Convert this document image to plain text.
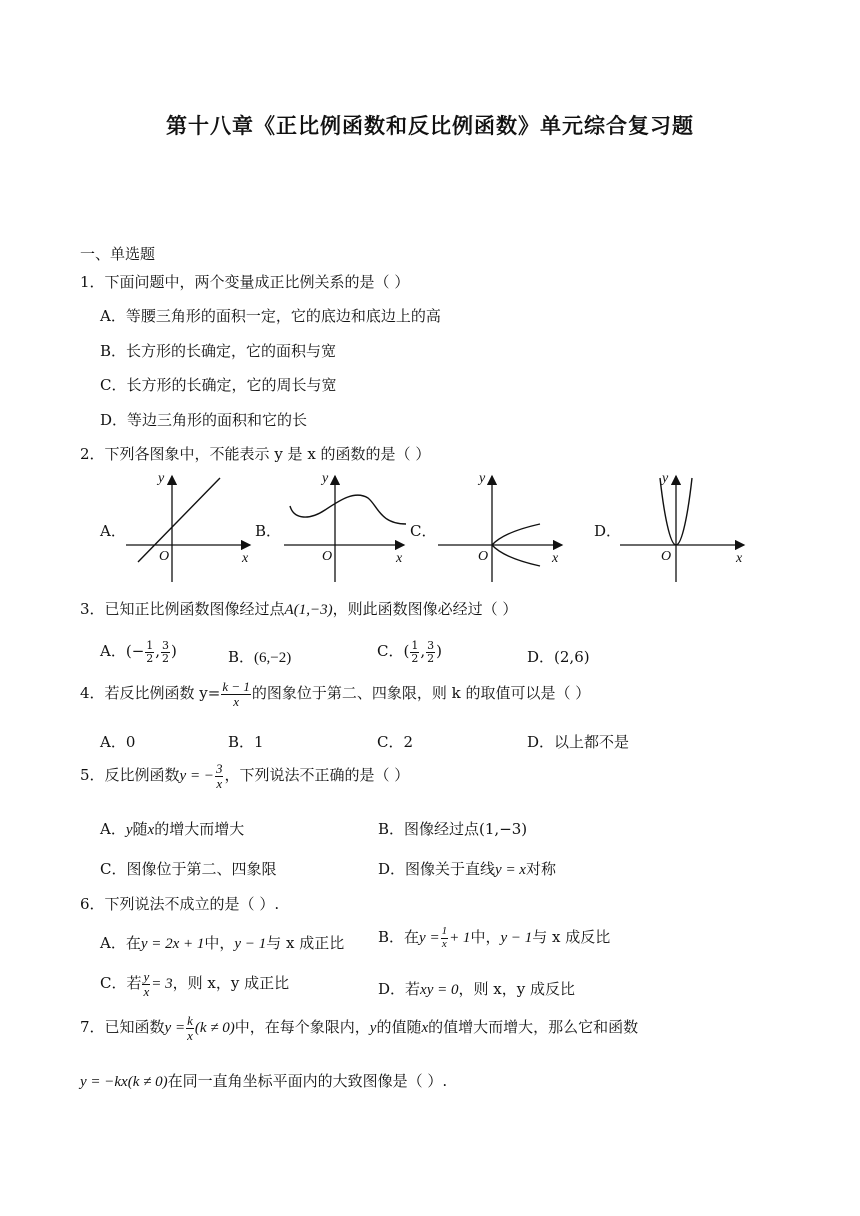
第十八章《正比例函数和反比例函数》单元综合复习题
一、单选题
1．下面问题中，两个变量成正比例关系的是（ ）
A．等腰三角形的面积一定，它的底边和底边上的高
B．长方形的长确定，它的面积与宽
C．长方形的长确定，它的周长与宽
D．等边三角形的面积和它的长
2．下列各图象中，不能表示 y 是 x 的函数的是（ ）
A．
y
x
O
B．
y
x
O
C．
y
x
O
D．
y
x
O
3．已知正比例函数图像经过点A(1,−3)，则此函数图像必经过（ ）
A．(− $\frac{1}{2}$ , $\frac{3}{2}$ )	B．(6,−2)	C．( $\frac{1}{2}$ , $\frac{3}{2}$ )	D．(2,6)
4．若反比例函数 $y= \frac{k - 1}{x}$ 的图象位于第二、四象限，则 k 的取值可以是（ ）
A．0	B．1	C．2	D．以上都不是
5．反比例函数y = − $\frac{3}{x}$ ，下列说法不正确的是（ ）
A．y随x的增大而增大	B．图像经过点(1,−3)
C．图像位于第二、四象限	D．图像关于直线y = x对称
6．下列说法不成立的是（ ）.
A．在y = 2x + 1中，y − 1与 x 成正比 B．在$y = \frac{1}{x} + 1$中，y − 1与 x 成反比
C．若 $\frac{y}{x} = 3$，则 x，y 成正比	D．若xy = 0，则 x，y 成反比
7．已知函数$y = \frac{k}{x} (k \ne 0)$中，在每个象限内，y的值随x的值增大而增大，那么它和函数
y = −kx(k ≠ 0)在同一直角坐标平面内的大致图像是（ ）.
